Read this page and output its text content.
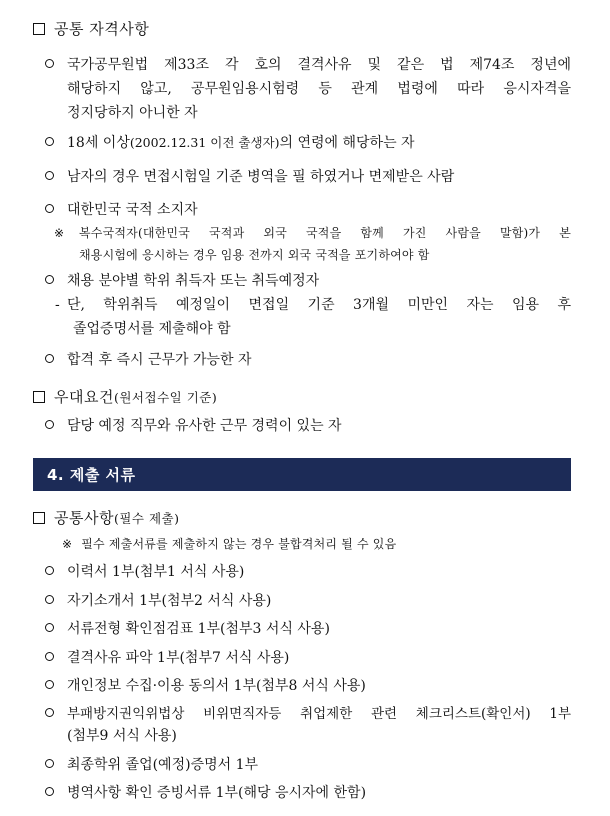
공통 자격사항
국가공무원법 제33조 각 호의 결격사유 및 같은 법 제74조 정년에
해당하지 않고, 공무원임용시험령 등 관계 법령에 따라 응시자격을
정지당하지 아니한 자
18세 이상(2002.12.31 이전 출생자)의 연령에 해당하는 자
남자의 경우 면접시험일 기준 병역을 필 하였거나 면제받은 사람
대한민국 국적 소지자
※ 복수국적자(대한민국 국적과 외국 국적을 함께 가진 사람을 말함)가 본
채용시험에 응시하는 경우 임용 전까지 외국 국적을 포기하여야 함
채용 분야별 학위 취득자 또는 취득예정자
- 단, 학위취득 예정일이 면접일 기준 3개월 미만인 자는 임용 후
졸업증명서를 제출해야 함
합격 후 즉시 근무가 가능한 자
우대요건(원서접수일 기준)
담당 예정 직무와 유사한 근무 경력이 있는 자
4. 제출 서류
공통사항(필수 제출)
※ 필수 제출서류를 제출하지 않는 경우 불합격처리 될 수 있음
이력서 1부(첨부1 서식 사용)
자기소개서 1부(첨부2 서식 사용)
서류전형 확인점검표 1부(첨부3 서식 사용)
결격사유 파악 1부(첨부7 서식 사용)
개인정보 수집·이용 동의서 1부(첨부8 서식 사용)
부패방지권익위법상 비위면직자등 취업제한 관련 체크리스트(확인서) 1부
(첨부9 서식 사용)
최종학위 졸업(예정)증명서 1부
병역사항 확인 증빙서류 1부(해당 응시자에 한함)
